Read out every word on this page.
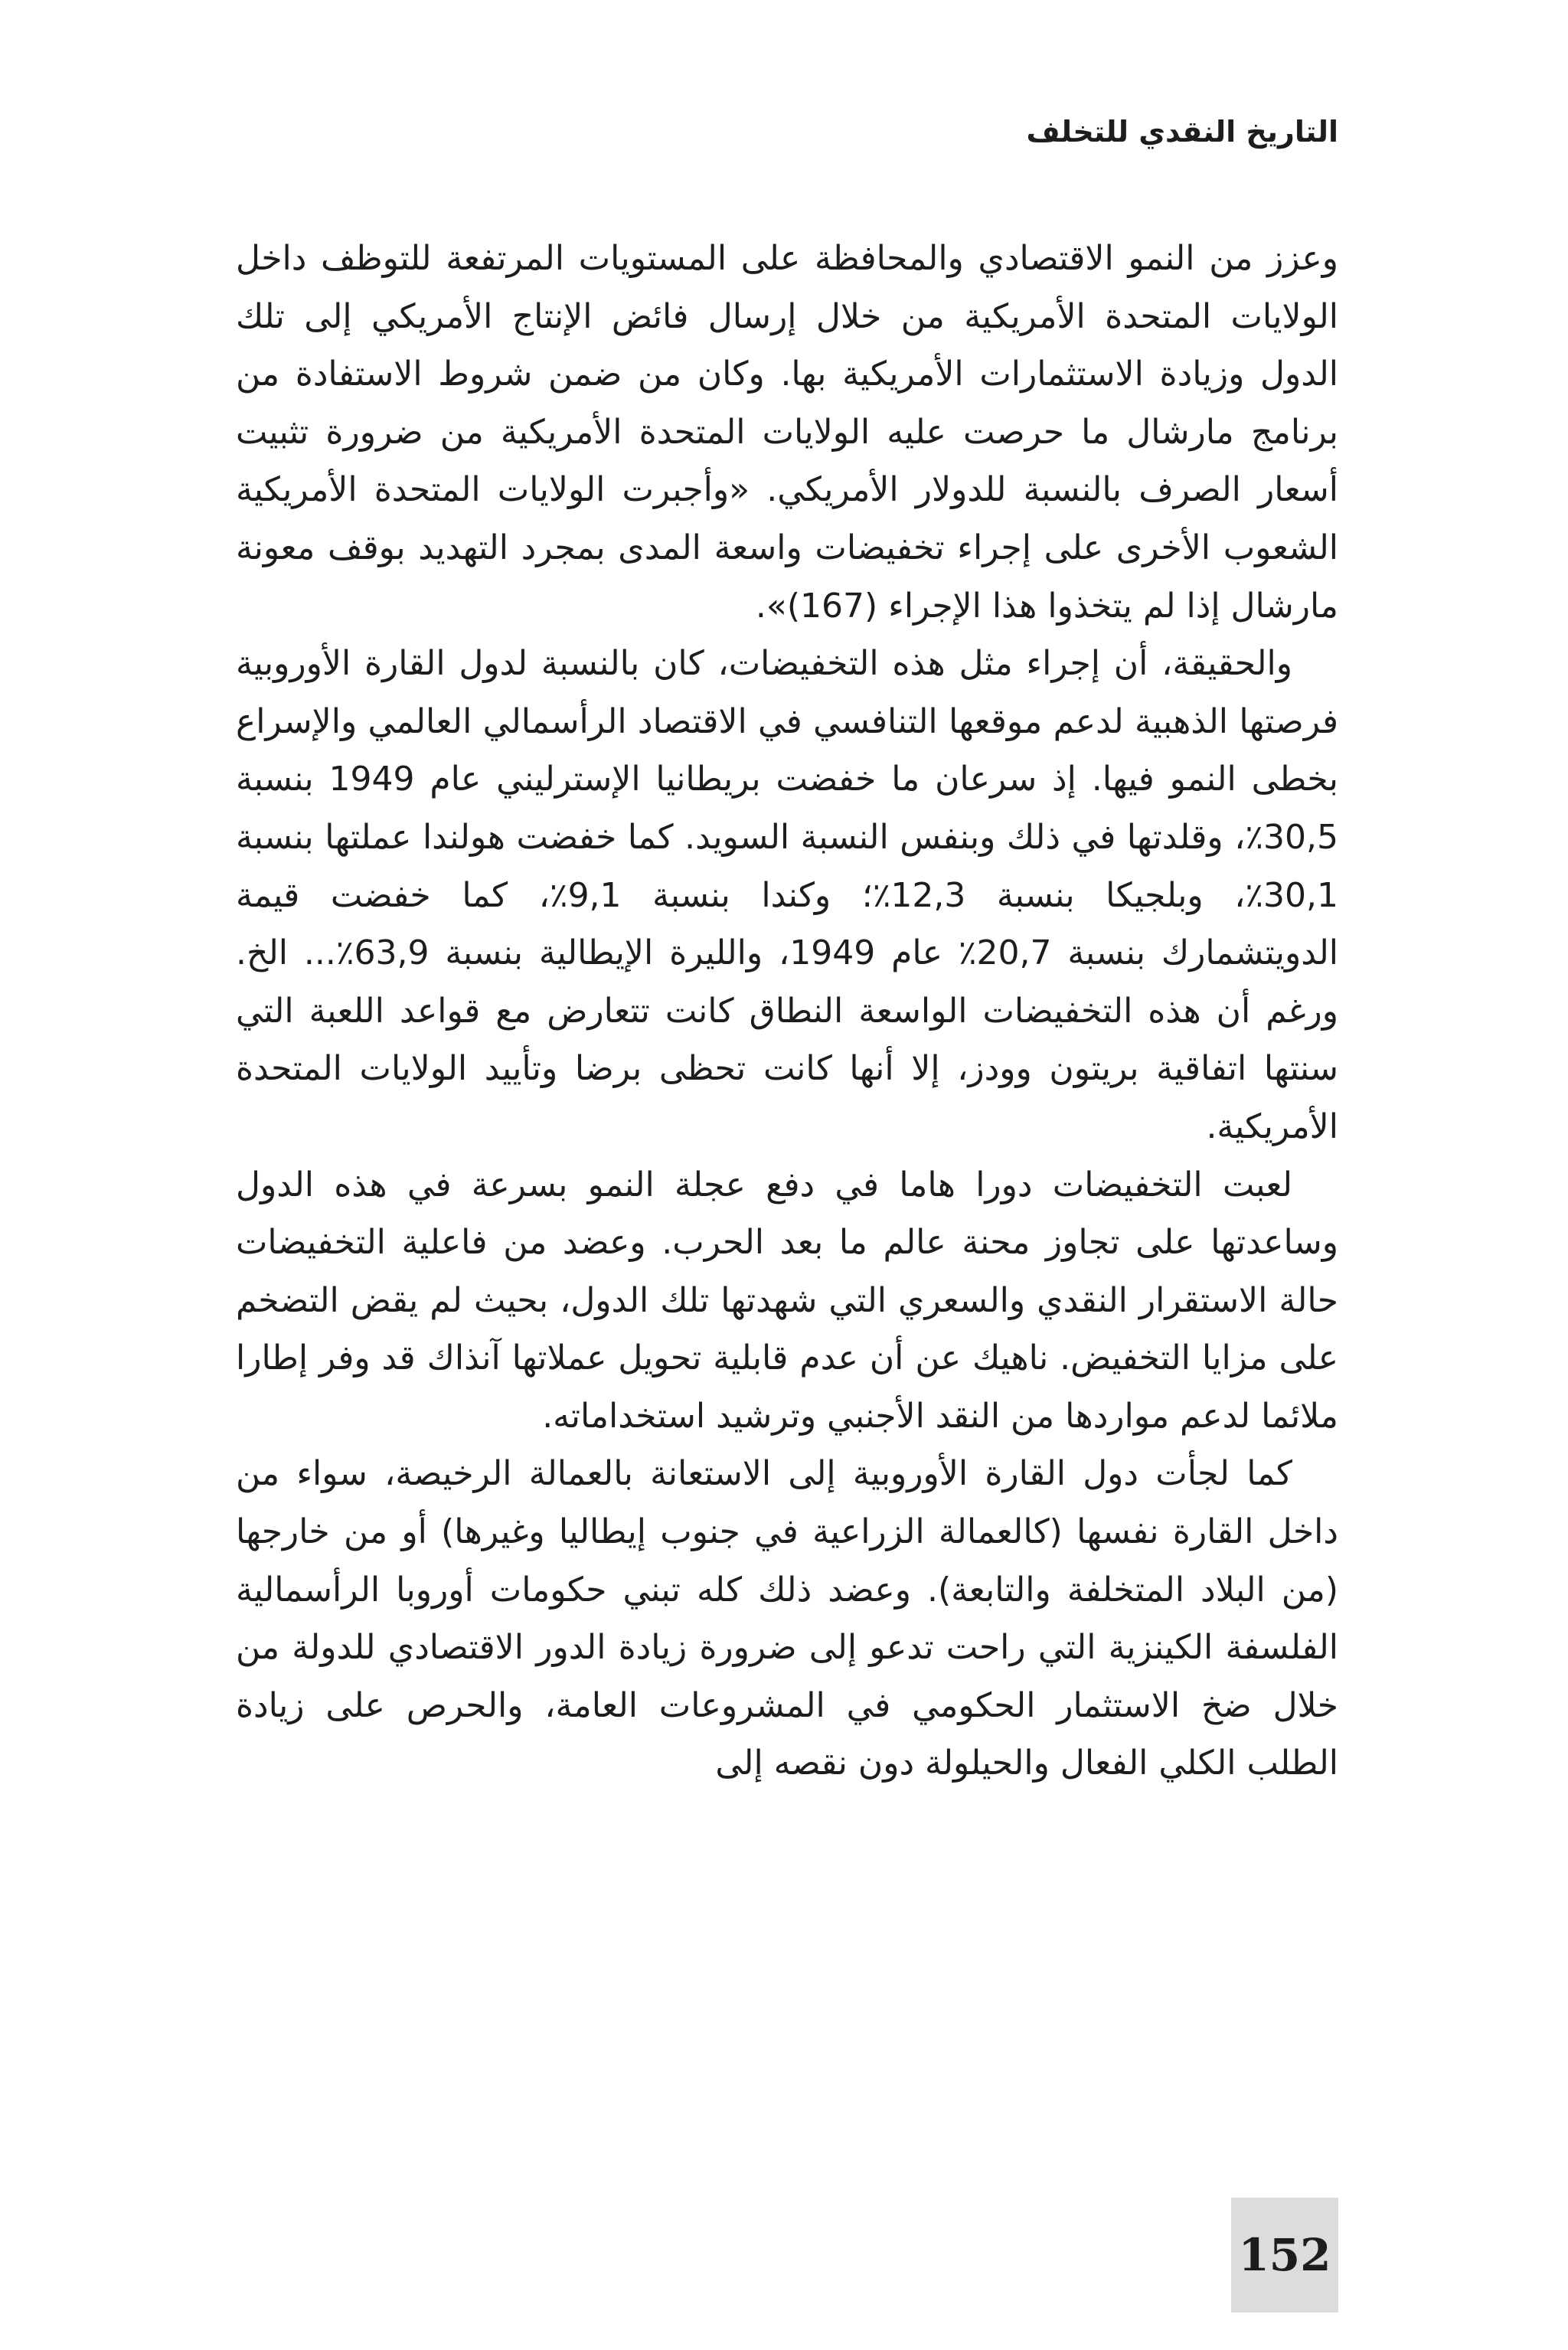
التاريخ النقدي للتخلف

وعزز من النمو الاقتصادي والمحافظة على المستويات المرتفعة للتوظف داخل الولايات المتحدة الأمريكية من خلال إرسال فائض الإنتاج الأمريكي إلى تلك الدول وزيادة الاستثمارات الأمريكية بها. وكان من ضمن شروط الاستفادة من برنامج مارشال ما حرصت عليه الولايات المتحدة الأمريكية من ضرورة تثبيت أسعار الصرف بالنسبة للدولار الأمريكي. «وأجبرت الولايات المتحدة الأمريكية الشعوب الأخرى على إجراء تخفيضات واسعة المدى بمجرد التهديد بوقف معونة مارشال إذا لم يتخذوا هذا الإجراء (167)».

والحقيقة، أن إجراء مثل هذه التخفيضات، كان بالنسبة لدول القارة الأوروبية فرصتها الذهبية لدعم موقعها التنافسي في الاقتصاد الرأسمالي العالمي والإسراع بخطى النمو فيها. إذ سرعان ما خفضت بريطانيا الإسترليني عام 1949 بنسبة 30,5٪، وقلدتها في ذلك وبنفس النسبة السويد. كما خفضت هولندا عملتها بنسبة 30,1٪، وبلجيكا بنسبة 12,3٪؛ وكندا بنسبة 9,1٪، كما خفضت قيمة الدويتشمارك بنسبة 20,7٪ عام 1949، والليرة الإيطالية بنسبة 63,9٪... الخ. ورغم أن هذه التخفيضات الواسعة النطاق كانت تتعارض مع قواعد اللعبة التي سنتها اتفاقية بريتون وودز، إلا أنها كانت تحظى برضا وتأييد الولايات المتحدة الأمريكية.

لعبت التخفيضات دورا هاما في دفع عجلة النمو بسرعة في هذه الدول وساعدتها على تجاوز محنة عالم ما بعد الحرب. وعضد من فاعلية التخفيضات حالة الاستقرار النقدي والسعري التي شهدتها تلك الدول، بحيث لم يقض التضخم على مزايا التخفيض. ناهيك عن أن عدم قابلية تحويل عملاتها آنذاك قد وفر إطارا ملائما لدعم مواردها من النقد الأجنبي وترشيد استخداماته.

كما لجأت دول القارة الأوروبية إلى الاستعانة بالعمالة الرخيصة، سواء من داخل القارة نفسها (كالعمالة الزراعية في جنوب إيطاليا وغيرها) أو من خارجها (من البلاد المتخلفة والتابعة). وعضد ذلك كله تبني حكومات أوروبا الرأسمالية الفلسفة الكينزية التي راحت تدعو إلى ضرورة زيادة الدور الاقتصادي للدولة من خلال ضخ الاستثمار الحكومي في المشروعات العامة، والحرص على زيادة الطلب الكلي الفعال والحيلولة دون نقصه إلى

152
